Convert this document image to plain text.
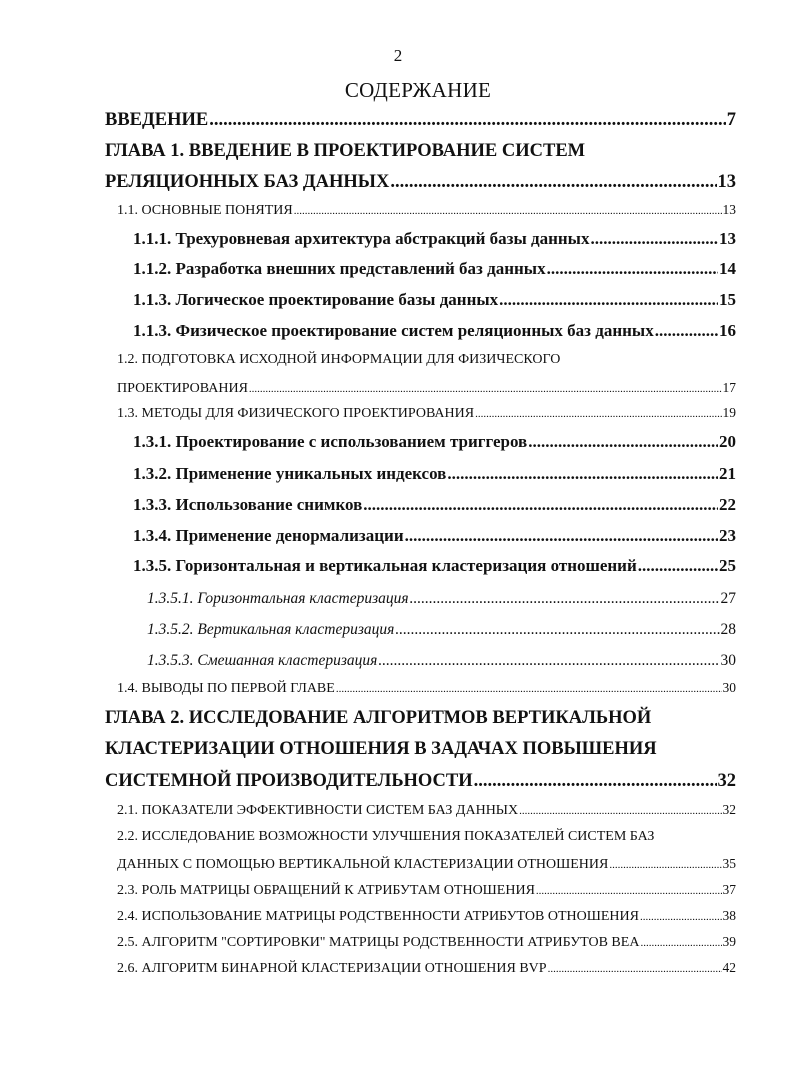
2
СОДЕРЖАНИЕ
ВВЕДЕНИЕ .....	7
ГЛАВА 1. ВВЕДЕНИЕ В ПРОЕКТИРОВАНИЕ СИСТЕМ
РЕЛЯЦИОННЫХ БАЗ ДАННЫХ .....	13
1.1. ОСНОВНЫЕ ПОНЯТИЯ .....	13
1.1.1. Трехуровневая архитектура абстракций базы данных .....	13
1.1.2. Разработка внешних представлений баз данных .....	14
1.1.3. Логическое проектирование базы данных .....	15
1.1.3. Физическое проектирование систем реляционных баз данных .....	16
1.2. ПОДГОТОВКА ИСХОДНОЙ ИНФОРМАЦИИ ДЛЯ ФИЗИЧЕСКОГО
ПРОЕКТИРОВАНИЯ .....	17
1.3. МЕТОДЫ ДЛЯ ФИЗИЧЕСКОГО ПРОЕКТИРОВАНИЯ .....	19
1.3.1. Проектирование с использованием триггеров .....	20
1.3.2. Применение уникальных индексов .....	21
1.3.3. Использование снимков .....	22
1.3.4. Применение денормализации .....	23
1.3.5. Горизонтальная и вертикальная кластеризация отношений .....	25
1.3.5.1. Горизонтальная кластеризация .....	27
1.3.5.2. Вертикальная кластеризация .....	28
1.3.5.3. Смешанная кластеризация .....	30
1.4. ВЫВОДЫ ПО ПЕРВОЙ ГЛАВЕ .....	30
ГЛАВА 2. ИССЛЕДОВАНИЕ АЛГОРИТМОВ ВЕРТИКАЛЬНОЙ
КЛАСТЕРИЗАЦИИ ОТНОШЕНИЯ В ЗАДАЧАХ ПОВЫШЕНИЯ
СИСТЕМНОЙ ПРОИЗВОДИТЕЛЬНОСТИ .....	32
2.1. ПОКАЗАТЕЛИ ЭФФЕКТИВНОСТИ СИСТЕМ БАЗ ДАННЫХ .....	32
2.2. ИССЛЕДОВАНИЕ ВОЗМОЖНОСТИ УЛУЧШЕНИЯ ПОКАЗАТЕЛЕЙ СИСТЕМ БАЗ
ДАННЫХ С ПОМОЩЬЮ ВЕРТИКАЛЬНОЙ КЛАСТЕРИЗАЦИИ ОТНОШЕНИЯ .....	35
2.3. РОЛЬ МАТРИЦЫ ОБРАЩЕНИЙ К АТРИБУТАМ ОТНОШЕНИЯ .....	37
2.4. ИСПОЛЬЗОВАНИЕ МАТРИЦЫ РОДСТВЕННОСТИ АТРИБУТОВ ОТНОШЕНИЯ .....	38
2.5. АЛГОРИТМ "СОРТИРОВКИ" МАТРИЦЫ РОДСТВЕННОСТИ АТРИБУТОВ BEA .....	39
2.6. АЛГОРИТМ БИНАРНОЙ КЛАСТЕРИЗАЦИИ ОТНОШЕНИЯ BVP .....	42
